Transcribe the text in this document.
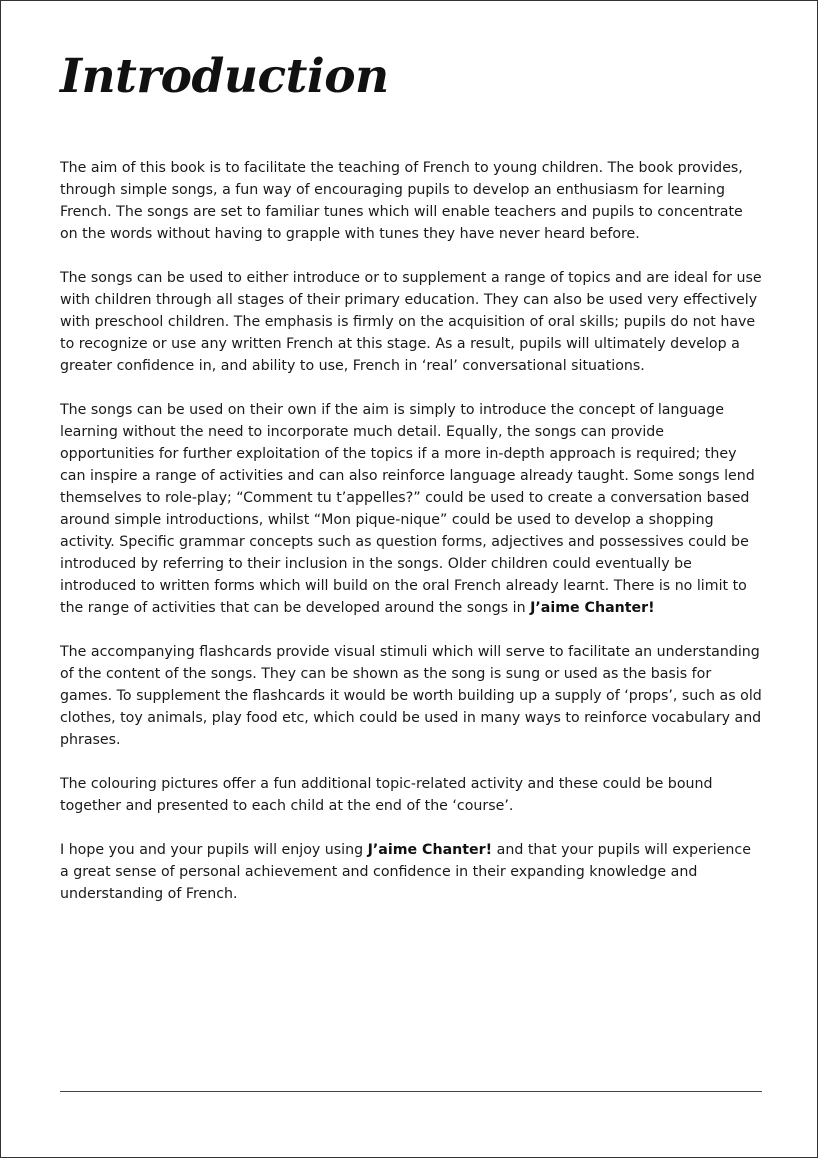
Introduction

The aim of this book is to facilitate the teaching of French to young children. The book provides, through simple songs, a fun way of encouraging pupils to develop an enthusiasm for learning French. The songs are set to familiar tunes which will enable teachers and pupils to concentrate on the words without having to grapple with tunes they have never heard before.

The songs can be used to either introduce or to supplement a range of topics and are ideal for use with children through all stages of their primary education. They can also be used very effectively with preschool children. The emphasis is firmly on the acquisition of oral skills; pupils do not have to recognize or use any written French at this stage. As a result, pupils will ultimately develop a greater confidence in, and ability to use, French in ‘real’ conversational situations.

The songs can be used on their own if the aim is simply to introduce the concept of language learning without the need to incorporate much detail. Equally, the songs can provide opportunities for further exploitation of the topics if a more in-depth approach is required; they can inspire a range of activities and can also reinforce language already taught. Some songs lend themselves to role-play; “Comment tu t’appelles?” could be used to create a conversation based around simple introductions, whilst “Mon pique-nique” could be used to develop a shopping activity. Specific grammar concepts such as question forms, adjectives and possessives could be introduced by referring to their inclusion in the songs. Older children could eventually be introduced to written forms which will build on the oral French already learnt. There is no limit to the range of activities that can be developed around the songs in J’aime Chanter!

The accompanying flashcards provide visual stimuli which will serve to facilitate an understanding of the content of the songs. They can be shown as the song is sung or used as the basis for games. To supplement the flashcards it would be worth building up a supply of ‘props’, such as old clothes, toy animals, play food etc, which could be used in many ways to reinforce vocabulary and phrases.

The colouring pictures offer a fun additional topic-related activity and these could be bound together and presented to each child at the end of the ‘course’.

I hope you and your pupils will enjoy using J’aime Chanter! and that your pupils will experience a great sense of personal achievement and confidence in their expanding knowledge and understanding of French.
